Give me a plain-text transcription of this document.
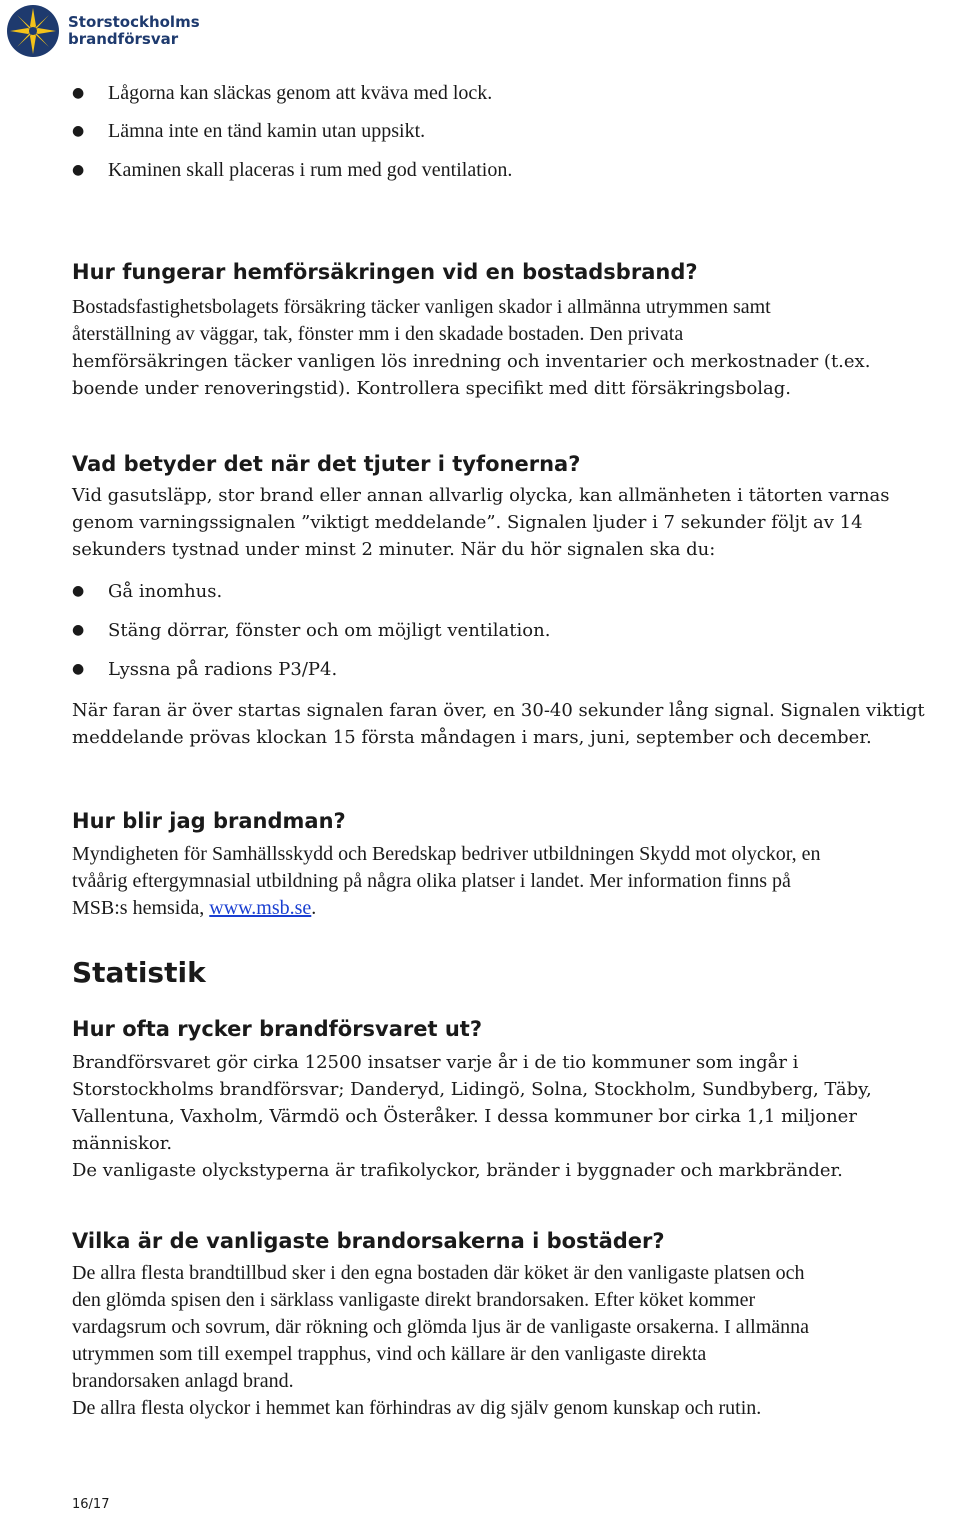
Storstockholms
brandförsvar
● Lågorna kan släckas genom att kväva med lock.
● Lämna inte en tänd kamin utan uppsikt.
● Kaminen skall placeras i rum med god ventilation.
Hur fungerar hemförsäkringen vid en bostadsbrand?
Bostadsfastighetsbolagets försäkring täcker vanligen skador i allmänna utrymmen samt
återställning av väggar, tak, fönster mm i den skadade bostaden. Den privata
hemförsäkringen täcker vanligen lös inredning och inventarier och merkostnader (t.ex.
boende under renoveringstid). Kontrollera specifikt med ditt försäkringsbolag.
Vad betyder det när det tjuter i tyfonerna?
Vid gasutsläpp, stor brand eller annan allvarlig olycka, kan allmänheten i tätorten varnas
genom varningssignalen ”viktigt meddelande”. Signalen ljuder i 7 sekunder följt av 14
sekunders tystnad under minst 2 minuter. När du hör signalen ska du:
● Gå inomhus.
● Stäng dörrar, fönster och om möjligt ventilation.
● Lyssna på radions P3/P4.
När faran är över startas signalen faran över, en 30-40 sekunder lång signal. Signalen viktigt
meddelande prövas klockan 15 första måndagen i mars, juni, september och december.
Hur blir jag brandman?
Myndigheten för Samhällsskydd och Beredskap bedriver utbildningen Skydd mot olyckor, en
tvåårig eftergymnasial utbildning på några olika platser i landet. Mer information finns på
MSB:s hemsida, www.msb.se.
Statistik
Hur ofta rycker brandförsvaret ut?
Brandförsvaret gör cirka 12500 insatser varje år i de tio kommuner som ingår i
Storstockholms brandförsvar; Danderyd, Lidingö, Solna, Stockholm, Sundbyberg, Täby,
Vallentuna, Vaxholm, Värmdö och Österåker. I dessa kommuner bor cirka 1,1 miljoner
människor.
De vanligaste olyckstyperna är trafikolyckor, bränder i byggnader och markbränder.
Vilka är de vanligaste brandorsakerna i bostäder?
De allra flesta brandtillbud sker i den egna bostaden där köket är den vanligaste platsen och
den glömda spisen den i särklass vanligaste direkt brandorsaken. Efter köket kommer
vardagsrum och sovrum, där rökning och glömda ljus är de vanligaste orsakerna. I allmänna
utrymmen som till exempel trapphus, vind och källare är den vanligaste direkta
brandorsaken anlagd brand.
De allra flesta olyckor i hemmet kan förhindras av dig själv genom kunskap och rutin.
16/17
